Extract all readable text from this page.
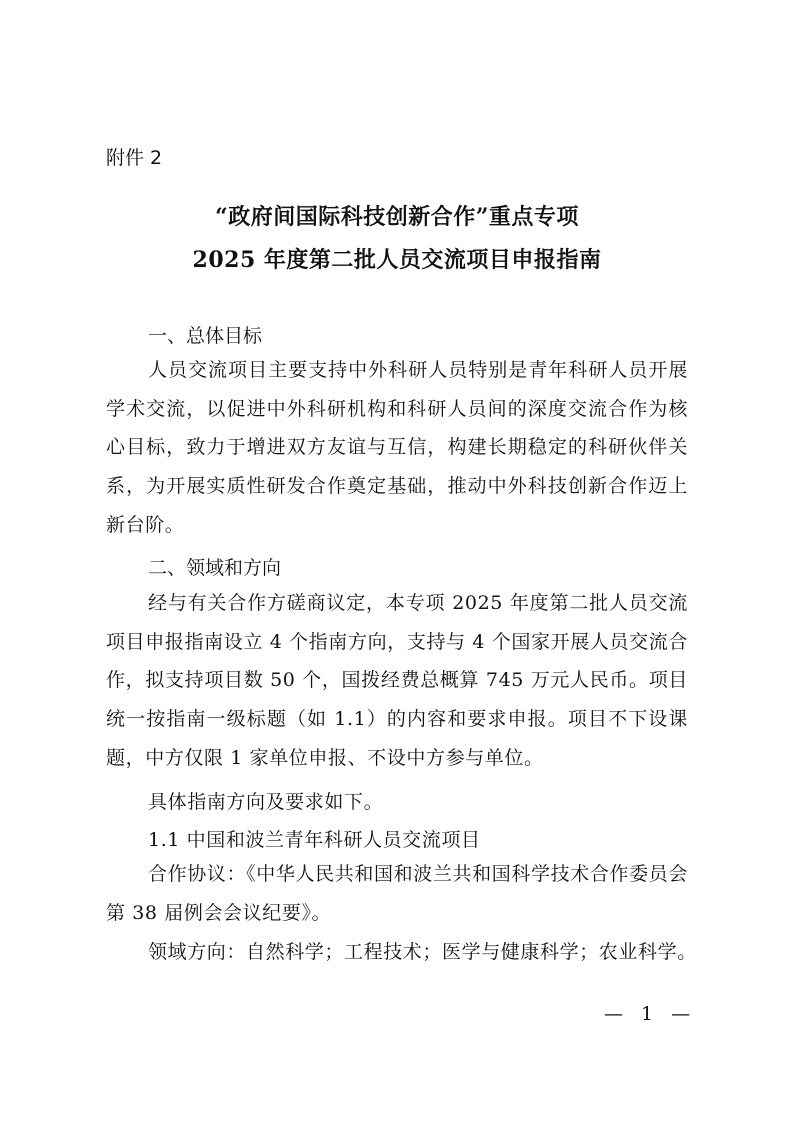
附件 2
“政府间国际科技创新合作”重点专项
2025 年度第二批人员交流项目申报指南
一、总体目标

人员交流项目主要支持中外科研人员特别是青年科研人员开展学术交流，以促进中外科研机构和科研人员间的深度交流合作为核心目标，致力于增进双方友谊与互信，构建长期稳定的科研伙伴关系，为开展实质性研发合作奠定基础，推动中外科技创新合作迈上新台阶。

二、领域和方向

经与有关合作方磋商议定，本专项 2025 年度第二批人员交流项目申报指南设立 4 个指南方向，支持与 4 个国家开展人员交流合作，拟支持项目数 50 个，国拨经费总概算 745 万元人民币。项目统一按指南一级标题（如 1.1）的内容和要求申报。项目不下设课题，中方仅限 1 家单位申报、不设中方参与单位。

具体指南方向及要求如下。
1.1 中国和波兰青年科研人员交流项目

合作协议：《中华人民共和国和波兰共和国科学技术合作委员会第 38 届例会会议纪要》。

领域方向：自然科学；工程技术；医学与健康科学；农业科学。
— 1 —
